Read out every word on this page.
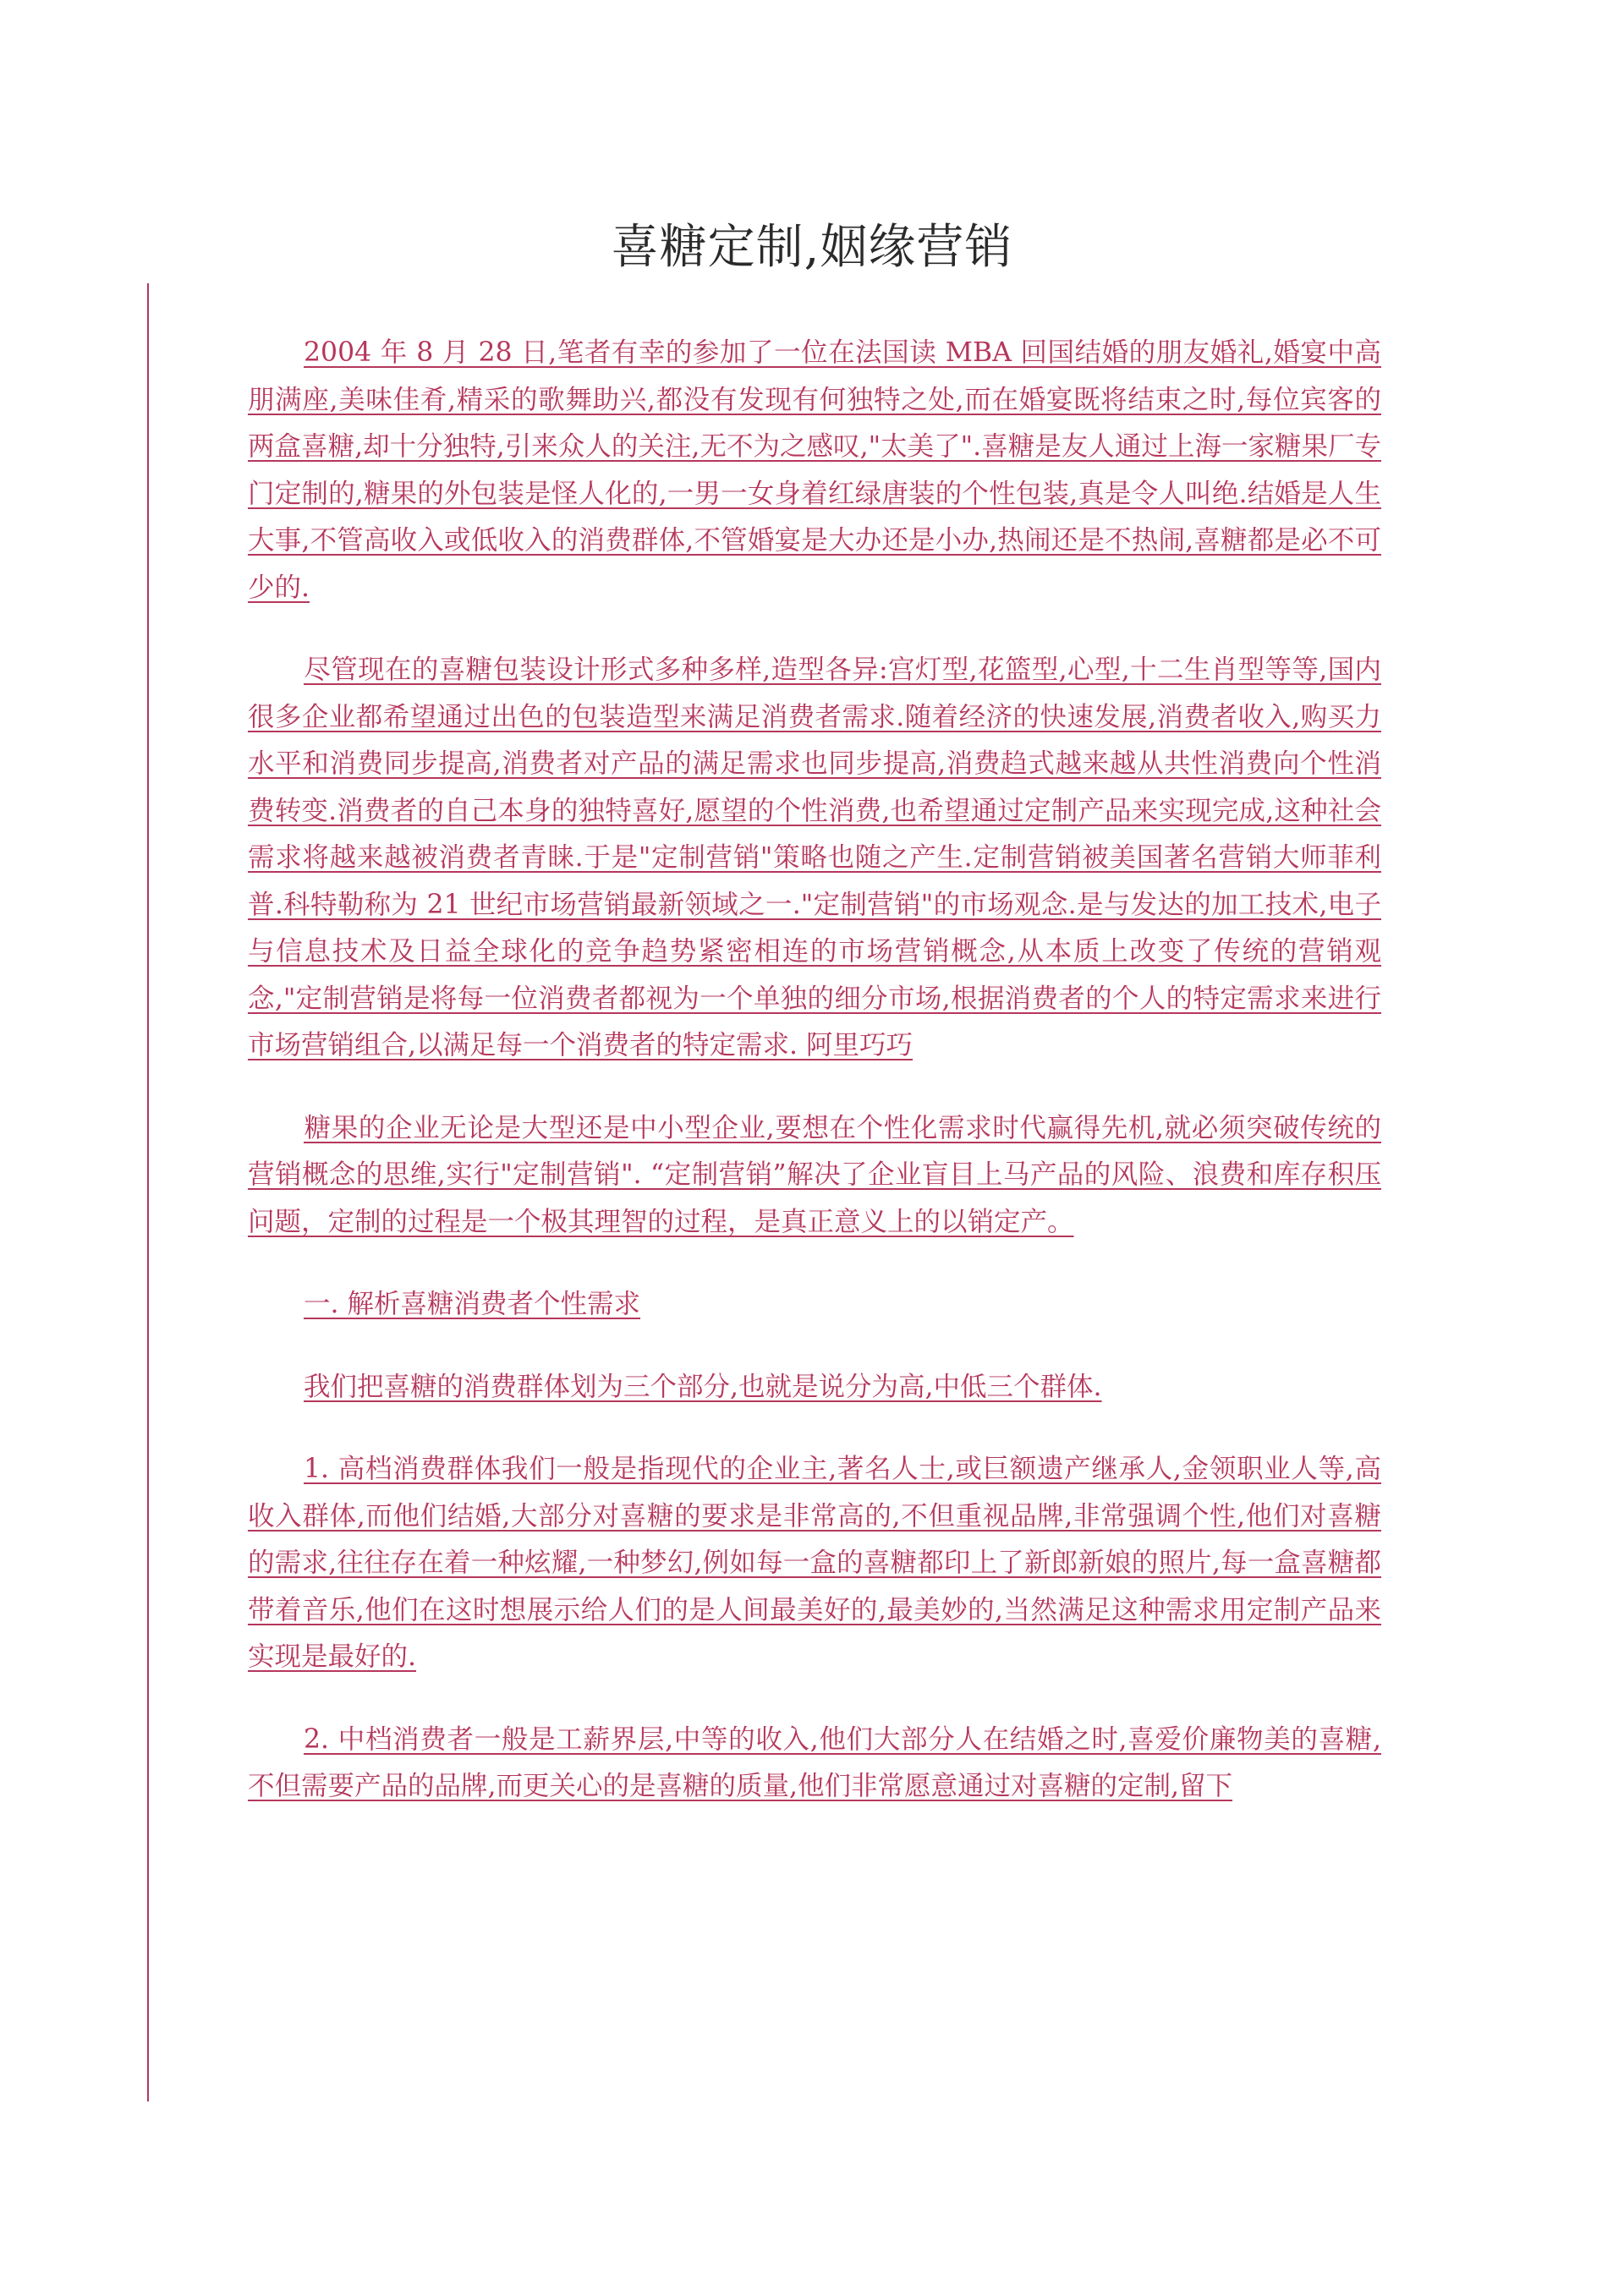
喜糖定制,姻缘营销

2004 年 8 月 28 日,笔者有幸的参加了一位在法国读 MBA 回国结婚的朋友婚礼,婚宴中高朋满座,美味佳肴,精采的歌舞助兴,都没有发现有何独特之处,而在婚宴既将结束之时,每位宾客的两盒喜糖,却十分独特,引来众人的关注,无不为之感叹,"太美了".喜糖是友人通过上海一家糖果厂专门定制的,糖果的外包装是怪人化的,一男一女身着红绿唐装的个性包装,真是令人叫绝.结婚是人生大事,不管高收入或低收入的消费群体,不管婚宴是大办还是小办,热闹还是不热闹,喜糖都是必不可少的.

尽管现在的喜糖包装设计形式多种多样,造型各异:宫灯型,花篮型,心型,十二生肖型等等,国内很多企业都希望通过出色的包装造型来满足消费者需求.随着经济的快速发展,消费者收入,购买力水平和消费同步提高,消费者对产品的满足需求也同步提高,消费趋式越来越从共性消费向个性消费转变.消费者的自己本身的独特喜好,愿望的个性消费,也希望通过定制产品来实现完成,这种社会需求将越来越被消费者青睐.于是"定制营销"策略也随之产生.定制营销被美国著名营销大师菲利普.科特勒称为 21 世纪市场营销最新领域之一."定制营销"的市场观念.是与发达的加工技术,电子与信息技术及日益全球化的竞争趋势紧密相连的市场营销概念,从本质上改变了传统的营销观念,"定制营销是将每一位消费者都视为一个单独的细分市场,根据消费者的个人的特定需求来进行市场营销组合,以满足每一个消费者的特定需求. 阿里巧巧

糖果的企业无论是大型还是中小型企业,要想在个性化需求时代赢得先机,就必须突破传统的营销概念的思维,实行"定制营销". “定制营销”解决了企业盲目上马产品的风险、浪费和库存积压问题，定制的过程是一个极其理智的过程，是真正意义上的以销定产。

一. 解析喜糖消费者个性需求

我们把喜糖的消费群体划为三个部分,也就是说分为高,中低三个群体.

1. 高档消费群体我们一般是指现代的企业主,著名人士,或巨额遗产继承人,金领职业人等,高收入群体,而他们结婚,大部分对喜糖的要求是非常高的,不但重视品牌,非常强调个性,他们对喜糖的需求,往往存在着一种炫耀,一种梦幻,例如每一盒的喜糖都印上了新郎新娘的照片,每一盒喜糖都带着音乐,他们在这时想展示给人们的是人间最美好的,最美妙的,当然满足这种需求用定制产品来实现是最好的.

2. 中档消费者一般是工薪界层,中等的收入,他们大部分人在结婚之时,喜爱价廉物美的喜糖,不但需要产品的品牌,而更关心的是喜糖的质量,他们非常愿意通过对喜糖的定制,留下
